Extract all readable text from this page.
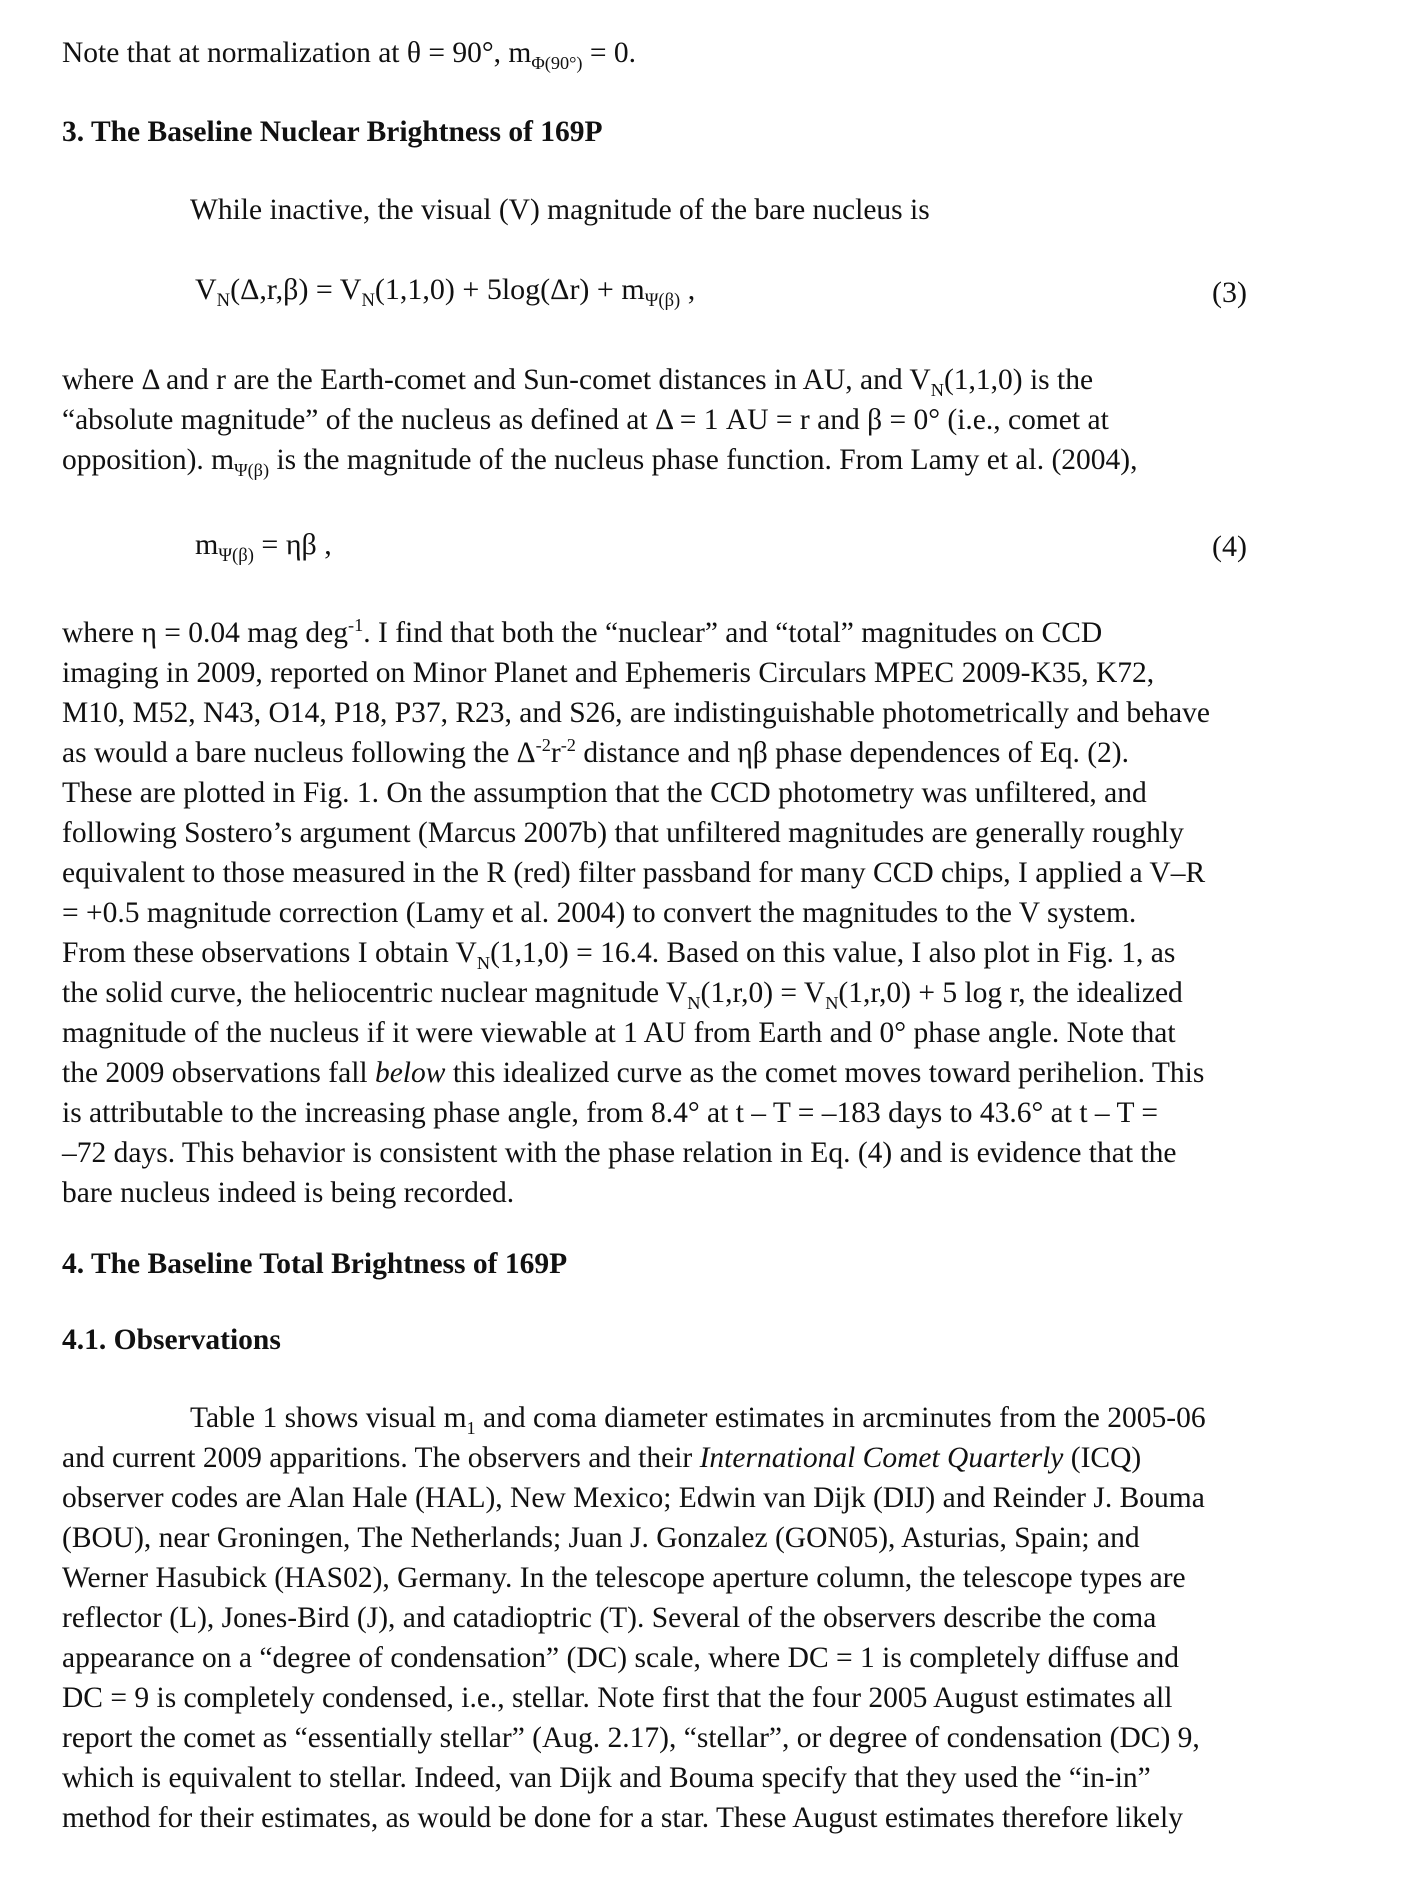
Note that at normalization at θ = 90°, $m_{\Phi(90^\circ)} = 0$.
3. The Baseline Nuclear Brightness of 169P
While inactive, the visual (V) magnitude of the bare nucleus is
$V_N(\Delta,r,\beta) = V_N(1,1,0) + 5\log(\Delta r) + m_{\Psi(\beta)}$ ,	(3)
where Δ and r are the Earth-comet and Sun-comet distances in AU, and $V_N(1,1,0)$ is the
“absolute magnitude” of the nucleus as defined at Δ = 1 AU = r and β = 0° (i.e., comet at
opposition). $m_{\Psi(\beta)}$ is the magnitude of the nucleus phase function. From Lamy et al. (2004),
$m_{\Psi(\beta)} = \eta\beta$ ,	(4)
where η = 0.04 mag deg$^{-1}$. I find that both the “nuclear” and “total” magnitudes on CCD
imaging in 2009, reported on Minor Planet and Ephemeris Circulars MPEC 2009-K35, K72,
M10, M52, N43, O14, P18, P37, R23, and S26, are indistinguishable photometrically and behave
as would a bare nucleus following the $\Delta^{-2}r^{-2}$ distance and ηβ phase dependences of Eq. (2).
These are plotted in Fig. 1. On the assumption that the CCD photometry was unfiltered, and
following Sostero’s argument (Marcus 2007b) that unfiltered magnitudes are generally roughly
equivalent to those measured in the R (red) filter passband for many CCD chips, I applied a V–R
= +0.5 magnitude correction (Lamy et al. 2004) to convert the magnitudes to the V system.
From these observations I obtain $V_N(1,1,0) = 16.4$. Based on this value, I also plot in Fig. 1, as
the solid curve, the heliocentric nuclear magnitude $V_N(1,r,0) = V_N(1,r,0) + 5$ log r, the idealized
magnitude of the nucleus if it were viewable at 1 AU from Earth and 0° phase angle. Note that
the 2009 observations fall below this idealized curve as the comet moves toward perihelion. This
is attributable to the increasing phase angle, from 8.4° at t – T = –183 days to 43.6° at t – T =
–72 days. This behavior is consistent with the phase relation in Eq. (4) and is evidence that the
bare nucleus indeed is being recorded.
4. The Baseline Total Brightness of 169P
4.1. Observations
Table 1 shows visual $m_1$ and coma diameter estimates in arcminutes from the 2005-06
and current 2009 apparitions. The observers and their International Comet Quarterly (ICQ)
observer codes are Alan Hale (HAL), New Mexico; Edwin van Dijk (DIJ) and Reinder J. Bouma
(BOU), near Groningen, The Netherlands; Juan J. Gonzalez (GON05), Asturias, Spain; and
Werner Hasubick (HAS02), Germany. In the telescope aperture column, the telescope types are
reflector (L), Jones-Bird (J), and catadioptric (T). Several of the observers describe the coma
appearance on a “degree of condensation” (DC) scale, where DC = 1 is completely diffuse and
DC = 9 is completely condensed, i.e., stellar. Note first that the four 2005 August estimates all
report the comet as “essentially stellar” (Aug. 2.17), “stellar”, or degree of condensation (DC) 9,
which is equivalent to stellar. Indeed, van Dijk and Bouma specify that they used the “in-in”
method for their estimates, as would be done for a star. These August estimates therefore likely
